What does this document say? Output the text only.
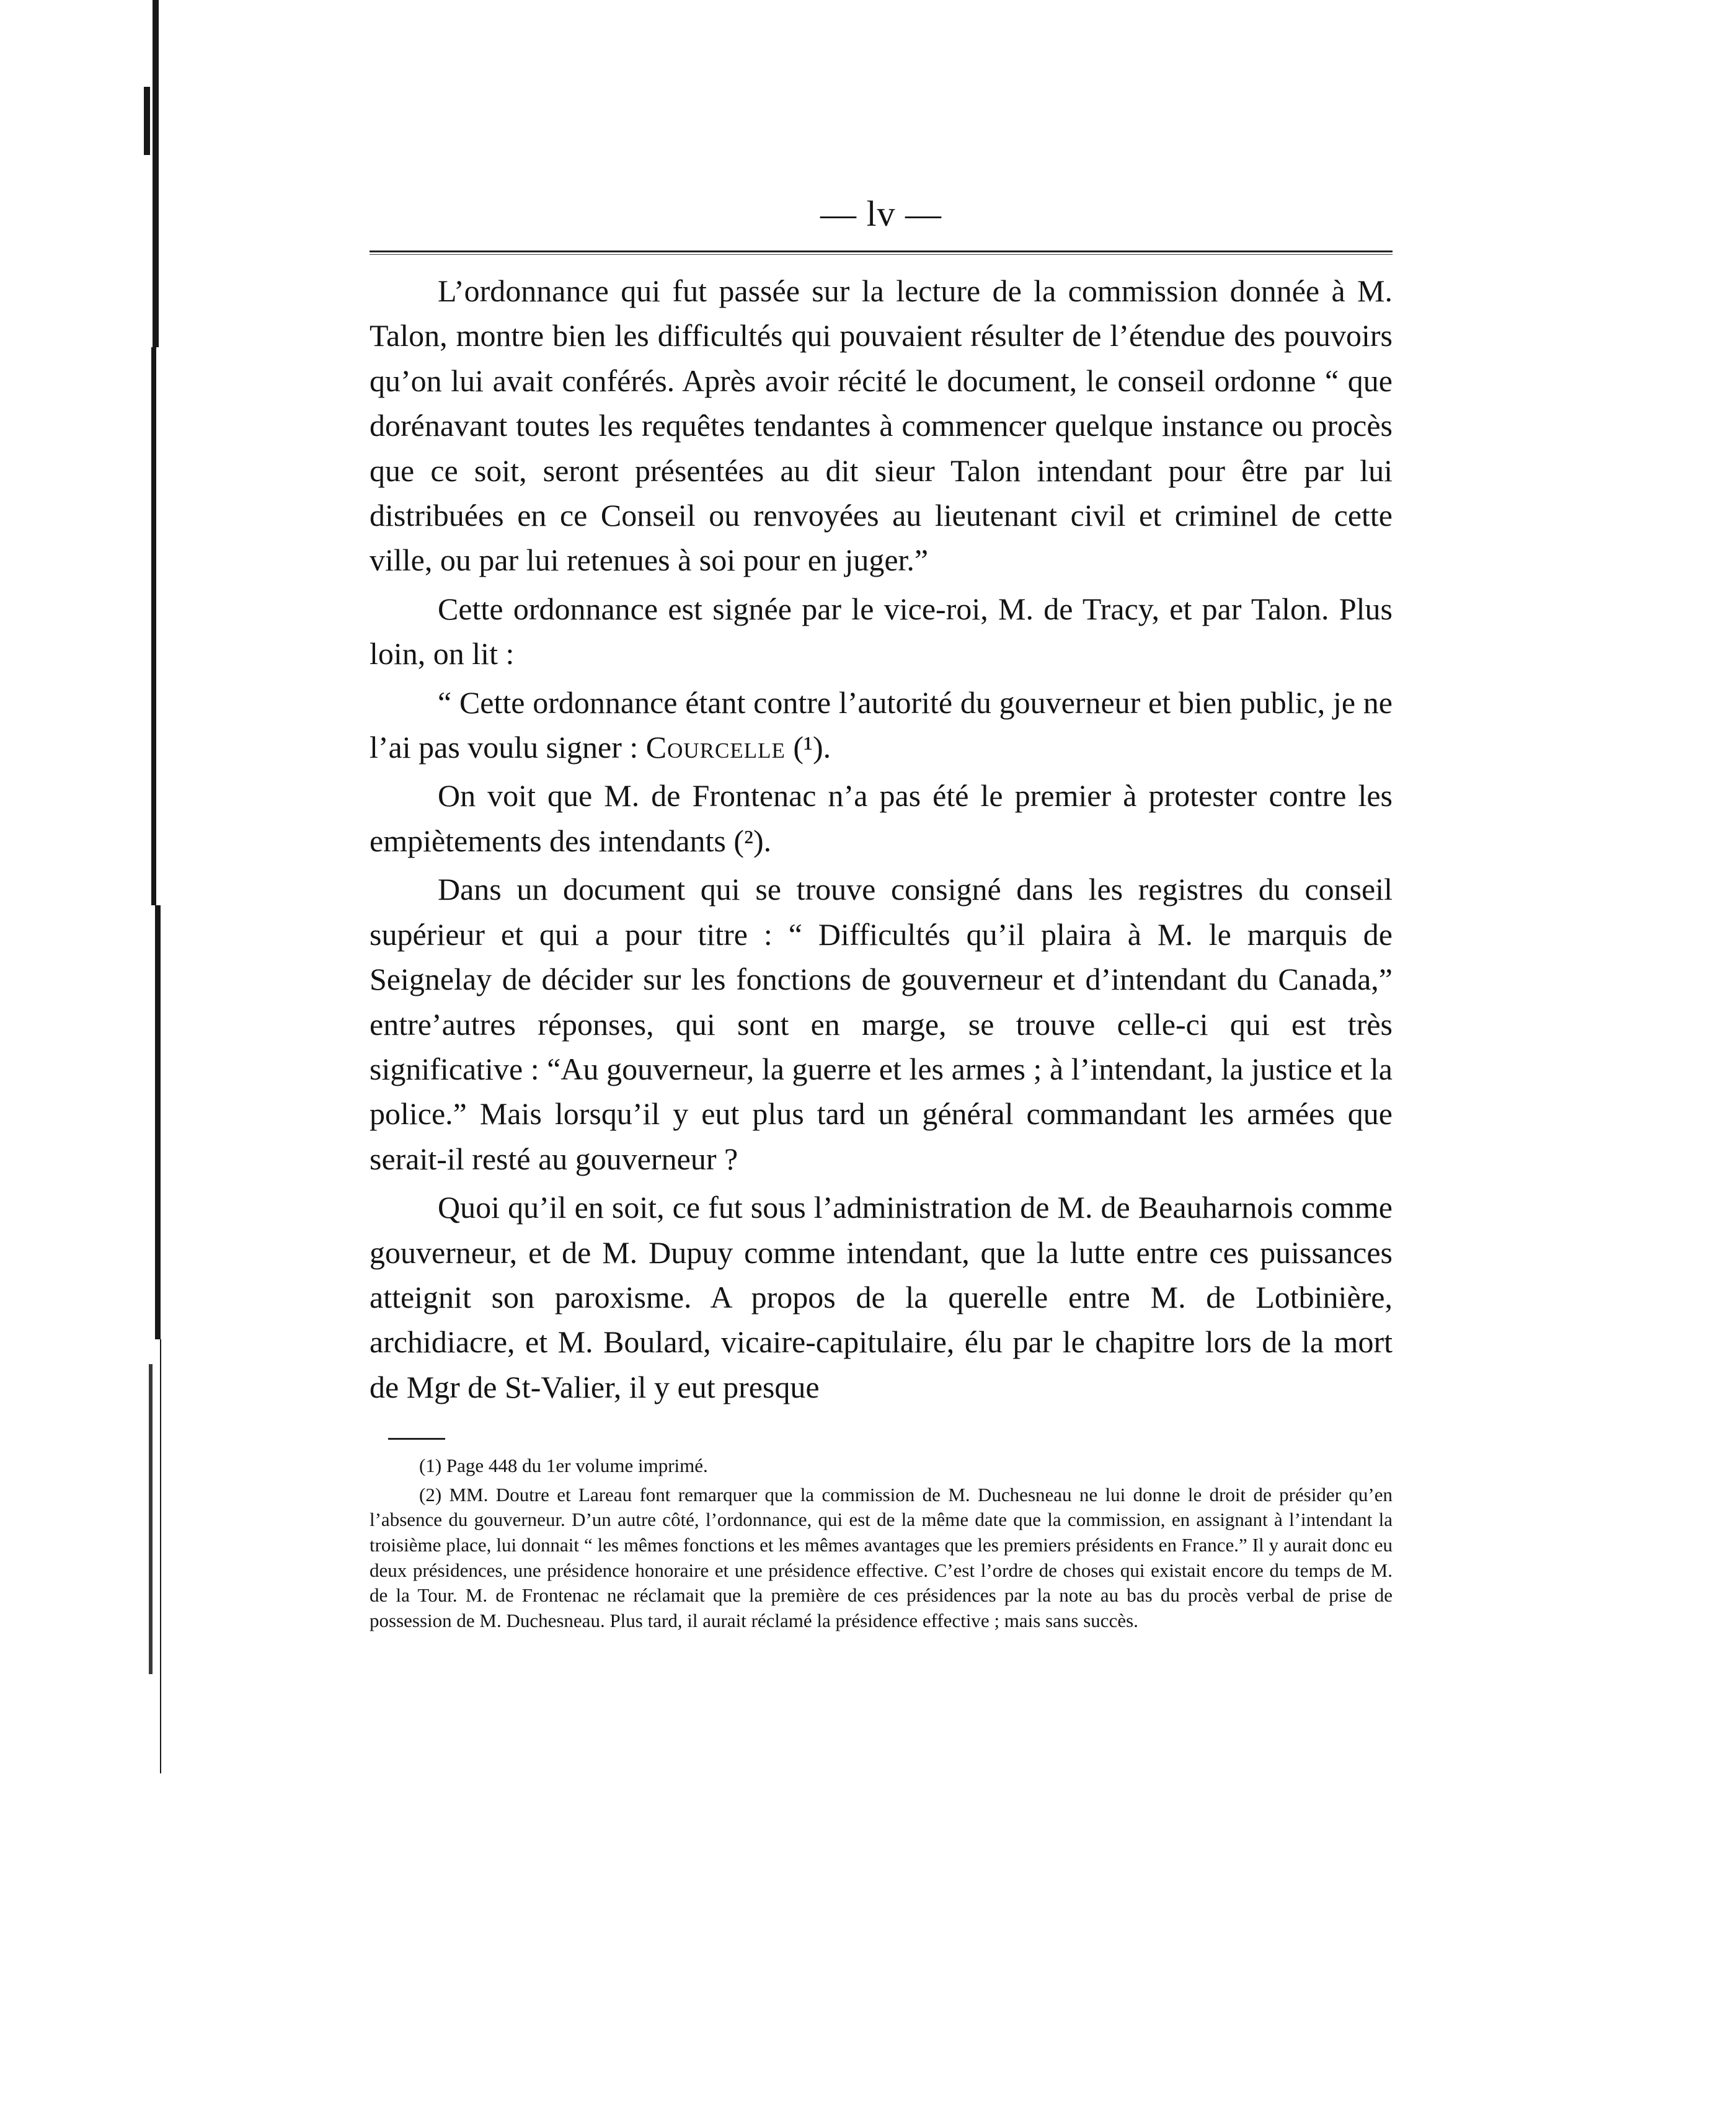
— lv —

L’ordonnance qui fut passée sur la lecture de la commission donnée à M. Talon, montre bien les difficultés qui pouvaient résulter de l’étendue des pouvoirs qu’on lui avait conférés. Après avoir récité le document, le conseil ordonne “ que dorénavant toutes les requêtes tendantes à commencer quelque instance ou procès que ce soit, seront présentées au dit sieur Talon intendant pour être par lui distribuées en ce Conseil ou renvoyées au lieutenant civil et criminel de cette ville, ou par lui retenues à soi pour en juger.”

Cette ordonnance est signée par le vice-roi, M. de Tracy, et par Talon. Plus loin, on lit :

“ Cette ordonnance étant contre l’autorité du gouverneur et bien public, je ne l’ai pas voulu signer : Courcelle (¹).

On voit que M. de Frontenac n’a pas été le premier à protester contre les empiètements des intendants (²).

Dans un document qui se trouve consigné dans les registres du conseil supérieur et qui a pour titre : “ Difficultés qu’il plaira à M. le marquis de Seignelay de décider sur les fonctions de gouverneur et d’intendant du Canada,” entre’autres réponses, qui sont en marge, se trouve celle-ci qui est très significative : “Au gouverneur, la guerre et les armes ; à l’intendant, la justice et la police.” Mais lorsqu’il y eut plus tard un général commandant les armées que serait-il resté au gouverneur ?

Quoi qu’il en soit, ce fut sous l’administration de M. de Beauharnois comme gouverneur, et de M. Dupuy comme intendant, que la lutte entre ces puissances atteignit son paroxisme. A propos de la querelle entre M. de Lotbinière, archidiacre, et M. Boulard, vicaire-capitulaire, élu par le chapitre lors de la mort de Mgr de St-Valier, il y eut presque

(1) Page 448 du 1er volume imprimé.

(2) MM. Doutre et Lareau font remarquer que la commission de M. Duchesneau ne lui donne le droit de présider qu’en l’absence du gouverneur. D’un autre côté, l’ordonnance, qui est de la même date que la commission, en assignant à l’intendant la troisième place, lui donnait “ les mêmes fonctions et les mêmes avantages que les premiers présidents en France.” Il y aurait donc eu deux présidences, une présidence honoraire et une présidence effective. C’est l’ordre de choses qui existait encore du temps de M. de la Tour. M. de Frontenac ne réclamait que la première de ces présidences par la note au bas du procès verbal de prise de possession de M. Duchesneau. Plus tard, il aurait réclamé la présidence effective ; mais sans succès.
